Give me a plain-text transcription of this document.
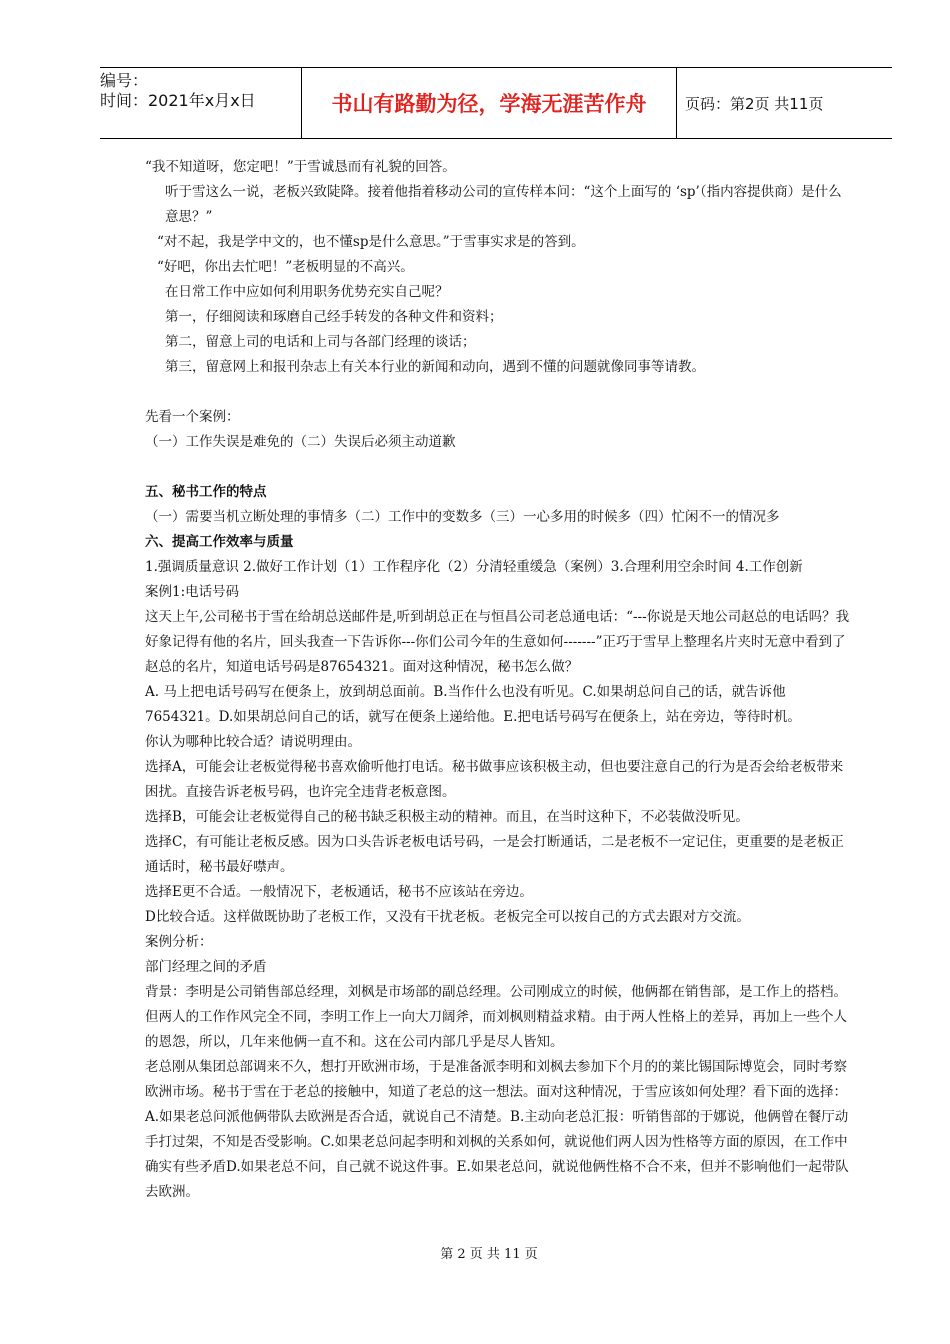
编号：
时间：2021年x月x日	书山有路勤为径，学海无涯苦作舟	页码：第2页 共11页

“我不知道呀，您定吧！”于雪诚恳而有礼貌的回答。

听于雪这么一说，老板兴致陡降。接着他指着移动公司的宣传样本问：“这个上面写的 ‘sp’（指内容提供商）是什么意思？”

“对不起，我是学中文的，也不懂sp是什么意思。”于雪事实求是的答到。

“好吧，你出去忙吧！”老板明显的不高兴。

在日常工作中应如何利用职务优势充实自己呢？

第一，仔细阅读和琢磨自己经手转发的各种文件和资料；

第二，留意上司的电话和上司与各部门经理的谈话；

第三，留意网上和报刊杂志上有关本行业的新闻和动向，遇到不懂的问题就像同事等请教。

先看一个案例：

（一）工作失误是难免的（二）失误后必须主动道歉

五、秘书工作的特点

（一）需要当机立断处理的事情多（二）工作中的变数多（三）一心多用的时候多（四）忙闲不一的情况多

六、提高工作效率与质量

1.强调质量意识 2.做好工作计划（1）工作程序化（2）分清轻重缓急（案例）3.合理利用空余时间 4.工作创新

案例1:电话号码

这天上午,公司秘书于雪在给胡总送邮件是,听到胡总正在与恒昌公司老总通电话：“---你说是天地公司赵总的电话吗？我好象记得有他的名片，回头我查一下告诉你---你们公司今年的生意如何-------”正巧于雪早上整理名片夹时无意中看到了赵总的名片，知道电话号码是87654321。面对这种情况，秘书怎么做？

A. 马上把电话号码写在便条上，放到胡总面前。B.当作什么也没有听见。C.如果胡总问自己的话，就告诉他7654321。D.如果胡总问自己的话，就写在便条上递给他。E.把电话号码写在便条上，站在旁边，等待时机。

你认为哪种比较合适？请说明理由。

选择A，可能会让老板觉得秘书喜欢偷听他打电话。秘书做事应该积极主动，但也要注意自己的行为是否会给老板带来困扰。直接告诉老板号码，也许完全违背老板意图。

选择B，可能会让老板觉得自己的秘书缺乏积极主动的精神。而且，在当时这种下，不必装做没听见。

选择C，有可能让老板反感。因为口头告诉老板电话号码，一是会打断通话，二是老板不一定记住，更重要的是老板正通话时，秘书最好噤声。

选择E更不合适。一般情况下，老板通话，秘书不应该站在旁边。

D比较合适。这样做既协助了老板工作，又没有干扰老板。老板完全可以按自己的方式去跟对方交流。

案例分析：

部门经理之间的矛盾

背景：李明是公司销售部总经理，刘枫是市场部的副总经理。公司刚成立的时候，他俩都在销售部，是工作上的搭档。但两人的工作作风完全不同，李明工作上一向大刀阔斧，而刘枫则精益求精。由于两人性格上的差异，再加上一些个人的恩怨，所以，几年来他俩一直不和。这在公司内部几乎是尽人皆知。

老总刚从集团总部调来不久，想打开欧洲市场，于是准备派李明和刘枫去参加下个月的的莱比锡国际博览会，同时考察欧洲市场。秘书于雪在于老总的接触中，知道了老总的这一想法。面对这种情况，于雪应该如何处理？看下面的选择：

A.如果老总问派他俩带队去欧洲是否合适，就说自己不清楚。B.主动向老总汇报：听销售部的于娜说，他俩曾在餐厅动手打过架，不知是否受影响。C.如果老总问起李明和刘枫的关系如何，就说他们两人因为性格等方面的原因，在工作中确实有些矛盾D.如果老总不问，自己就不说这件事。E.如果老总问，就说他俩性格不合不来，但并不影响他们一起带队去欧洲。

第 2 页 共 11 页
